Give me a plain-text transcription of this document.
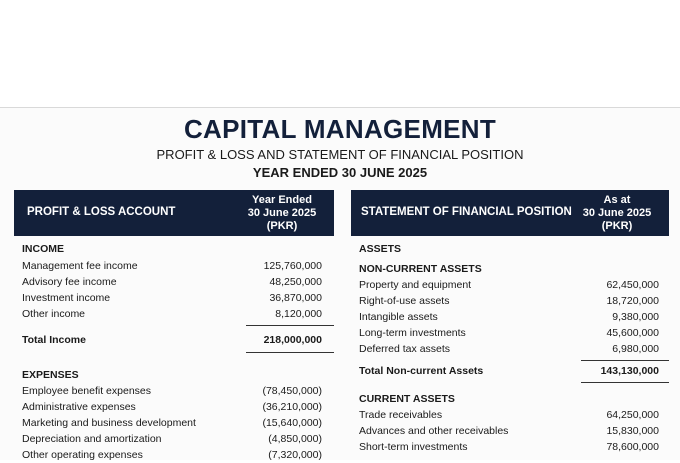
CAPITAL MANAGEMENT
PROFIT & LOSS AND STATEMENT OF FINANCIAL POSITION
YEAR ENDED 30 JUNE 2025
PROFIT & LOSS ACCOUNT
Year Ended
30 June 2025
(PKR)
INCOME
Management fee income	125,760,000
Advisory fee income	48,250,000
Investment income	36,870,000
Other income	8,120,000
Total Income	218,000,000
EXPENSES
Employee benefit expenses	(78,450,000)
Administrative expenses	(36,210,000)
Marketing and business development	(15,640,000)
Depreciation and amortization	(4,850,000)
Other operating expenses	(7,320,000)
STATEMENT OF FINANCIAL POSITION
As at
30 June 2025
(PKR)
ASSETS
NON-CURRENT ASSETS
Property and equipment	62,450,000
Right-of-use assets	18,720,000
Intangible assets	9,380,000
Long-term investments	45,600,000
Deferred tax assets	6,980,000
Total Non-current Assets	143,130,000
CURRENT ASSETS
Trade receivables	64,250,000
Advances and other receivables	15,830,000
Short-term investments	78,600,000
